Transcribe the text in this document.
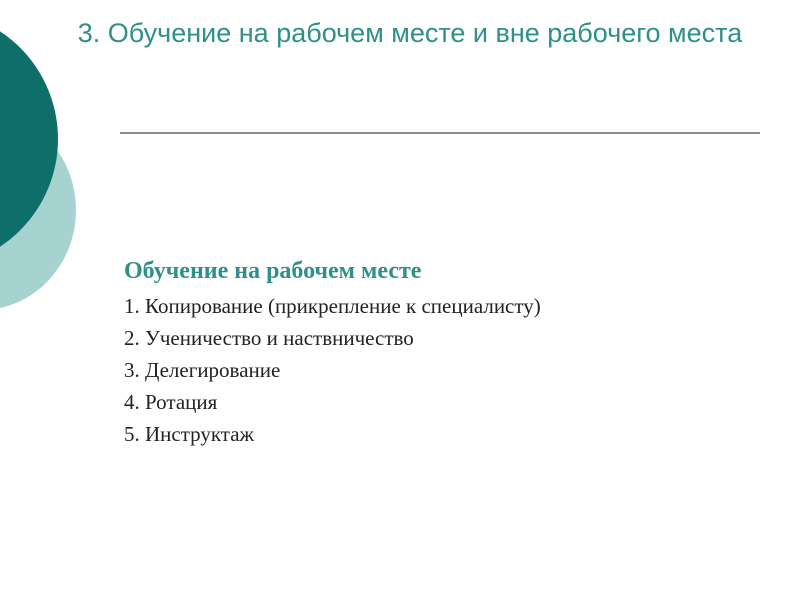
3. Обучение на рабочем месте и вне рабочего места
Обучение на рабочем месте
1. Копирование (прикрепление к специалисту)
2. Ученичество и наствничество
3. Делегирование
4. Ротация
5. Инструктаж
